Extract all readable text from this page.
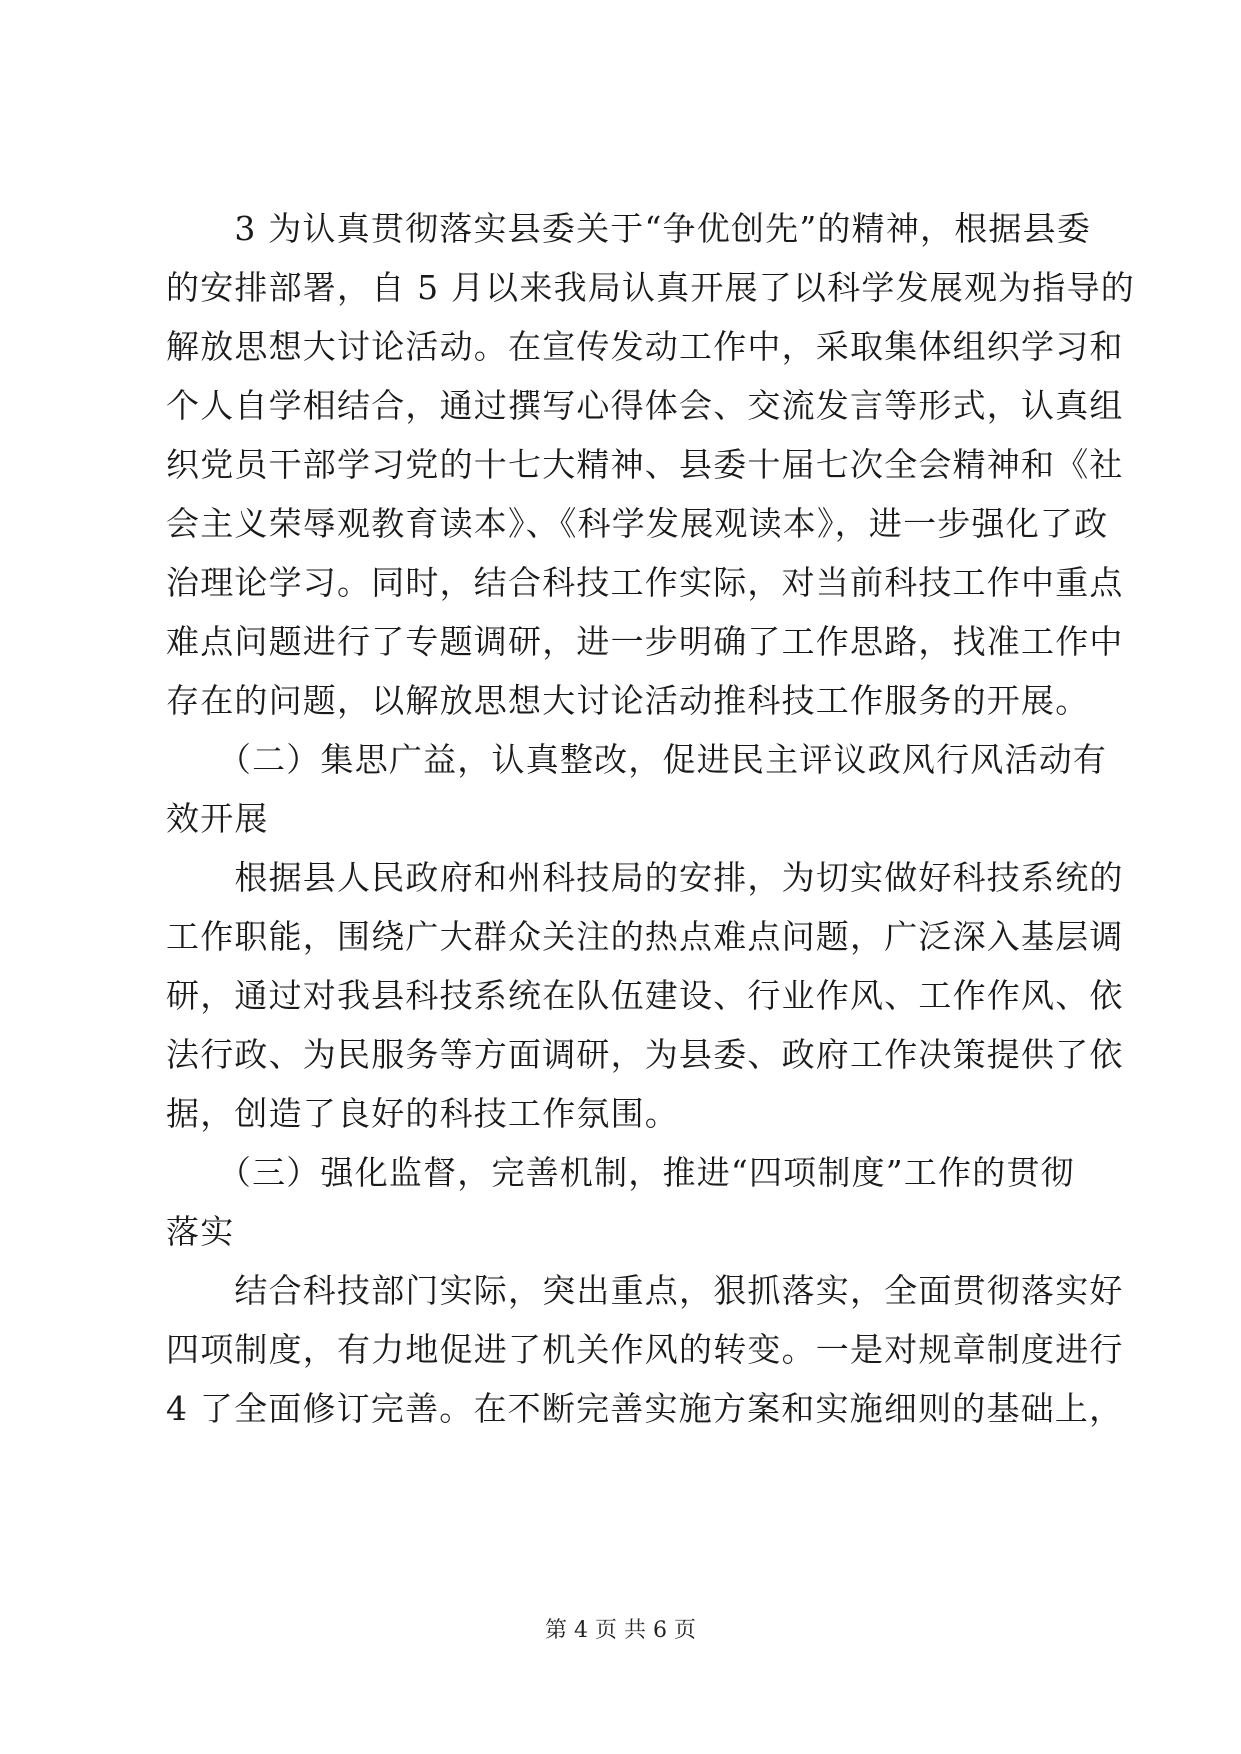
　　3 为认真贯彻落实县委关于“争优创先”的精神，根据县委
的安排部署，自 5 月以来我局认真开展了以科学发展观为指导的
解放思想大讨论活动。在宣传发动工作中，采取集体组织学习和
个人自学相结合，通过撰写心得体会、交流发言等形式，认真组
织党员干部学习党的十七大精神、县委十届七次全会精神和《社
会主义荣辱观教育读本》、《科学发展观读本》，进一步强化了政
治理论学习。同时，结合科技工作实际，对当前科技工作中重点
难点问题进行了专题调研，进一步明确了工作思路，找准工作中
存在的问题，以解放思想大讨论活动推科技工作服务的开展。
　　（二）集思广益，认真整改，促进民主评议政风行风活动有
效开展
　　根据县人民政府和州科技局的安排，为切实做好科技系统的
工作职能，围绕广大群众关注的热点难点问题，广泛深入基层调
研，通过对我县科技系统在队伍建设、行业作风、工作作风、依
法行政、为民服务等方面调研，为县委、政府工作决策提供了依
据，创造了良好的科技工作氛围。
　　（三）强化监督，完善机制，推进“四项制度”工作的贯彻
落实
　　结合科技部门实际，突出重点，狠抓落实，全面贯彻落实好
四项制度，有力地促进了机关作风的转变。一是对规章制度进行
4 了全面修订完善。在不断完善实施方案和实施细则的基础上，
第 4 页 共 6 页
